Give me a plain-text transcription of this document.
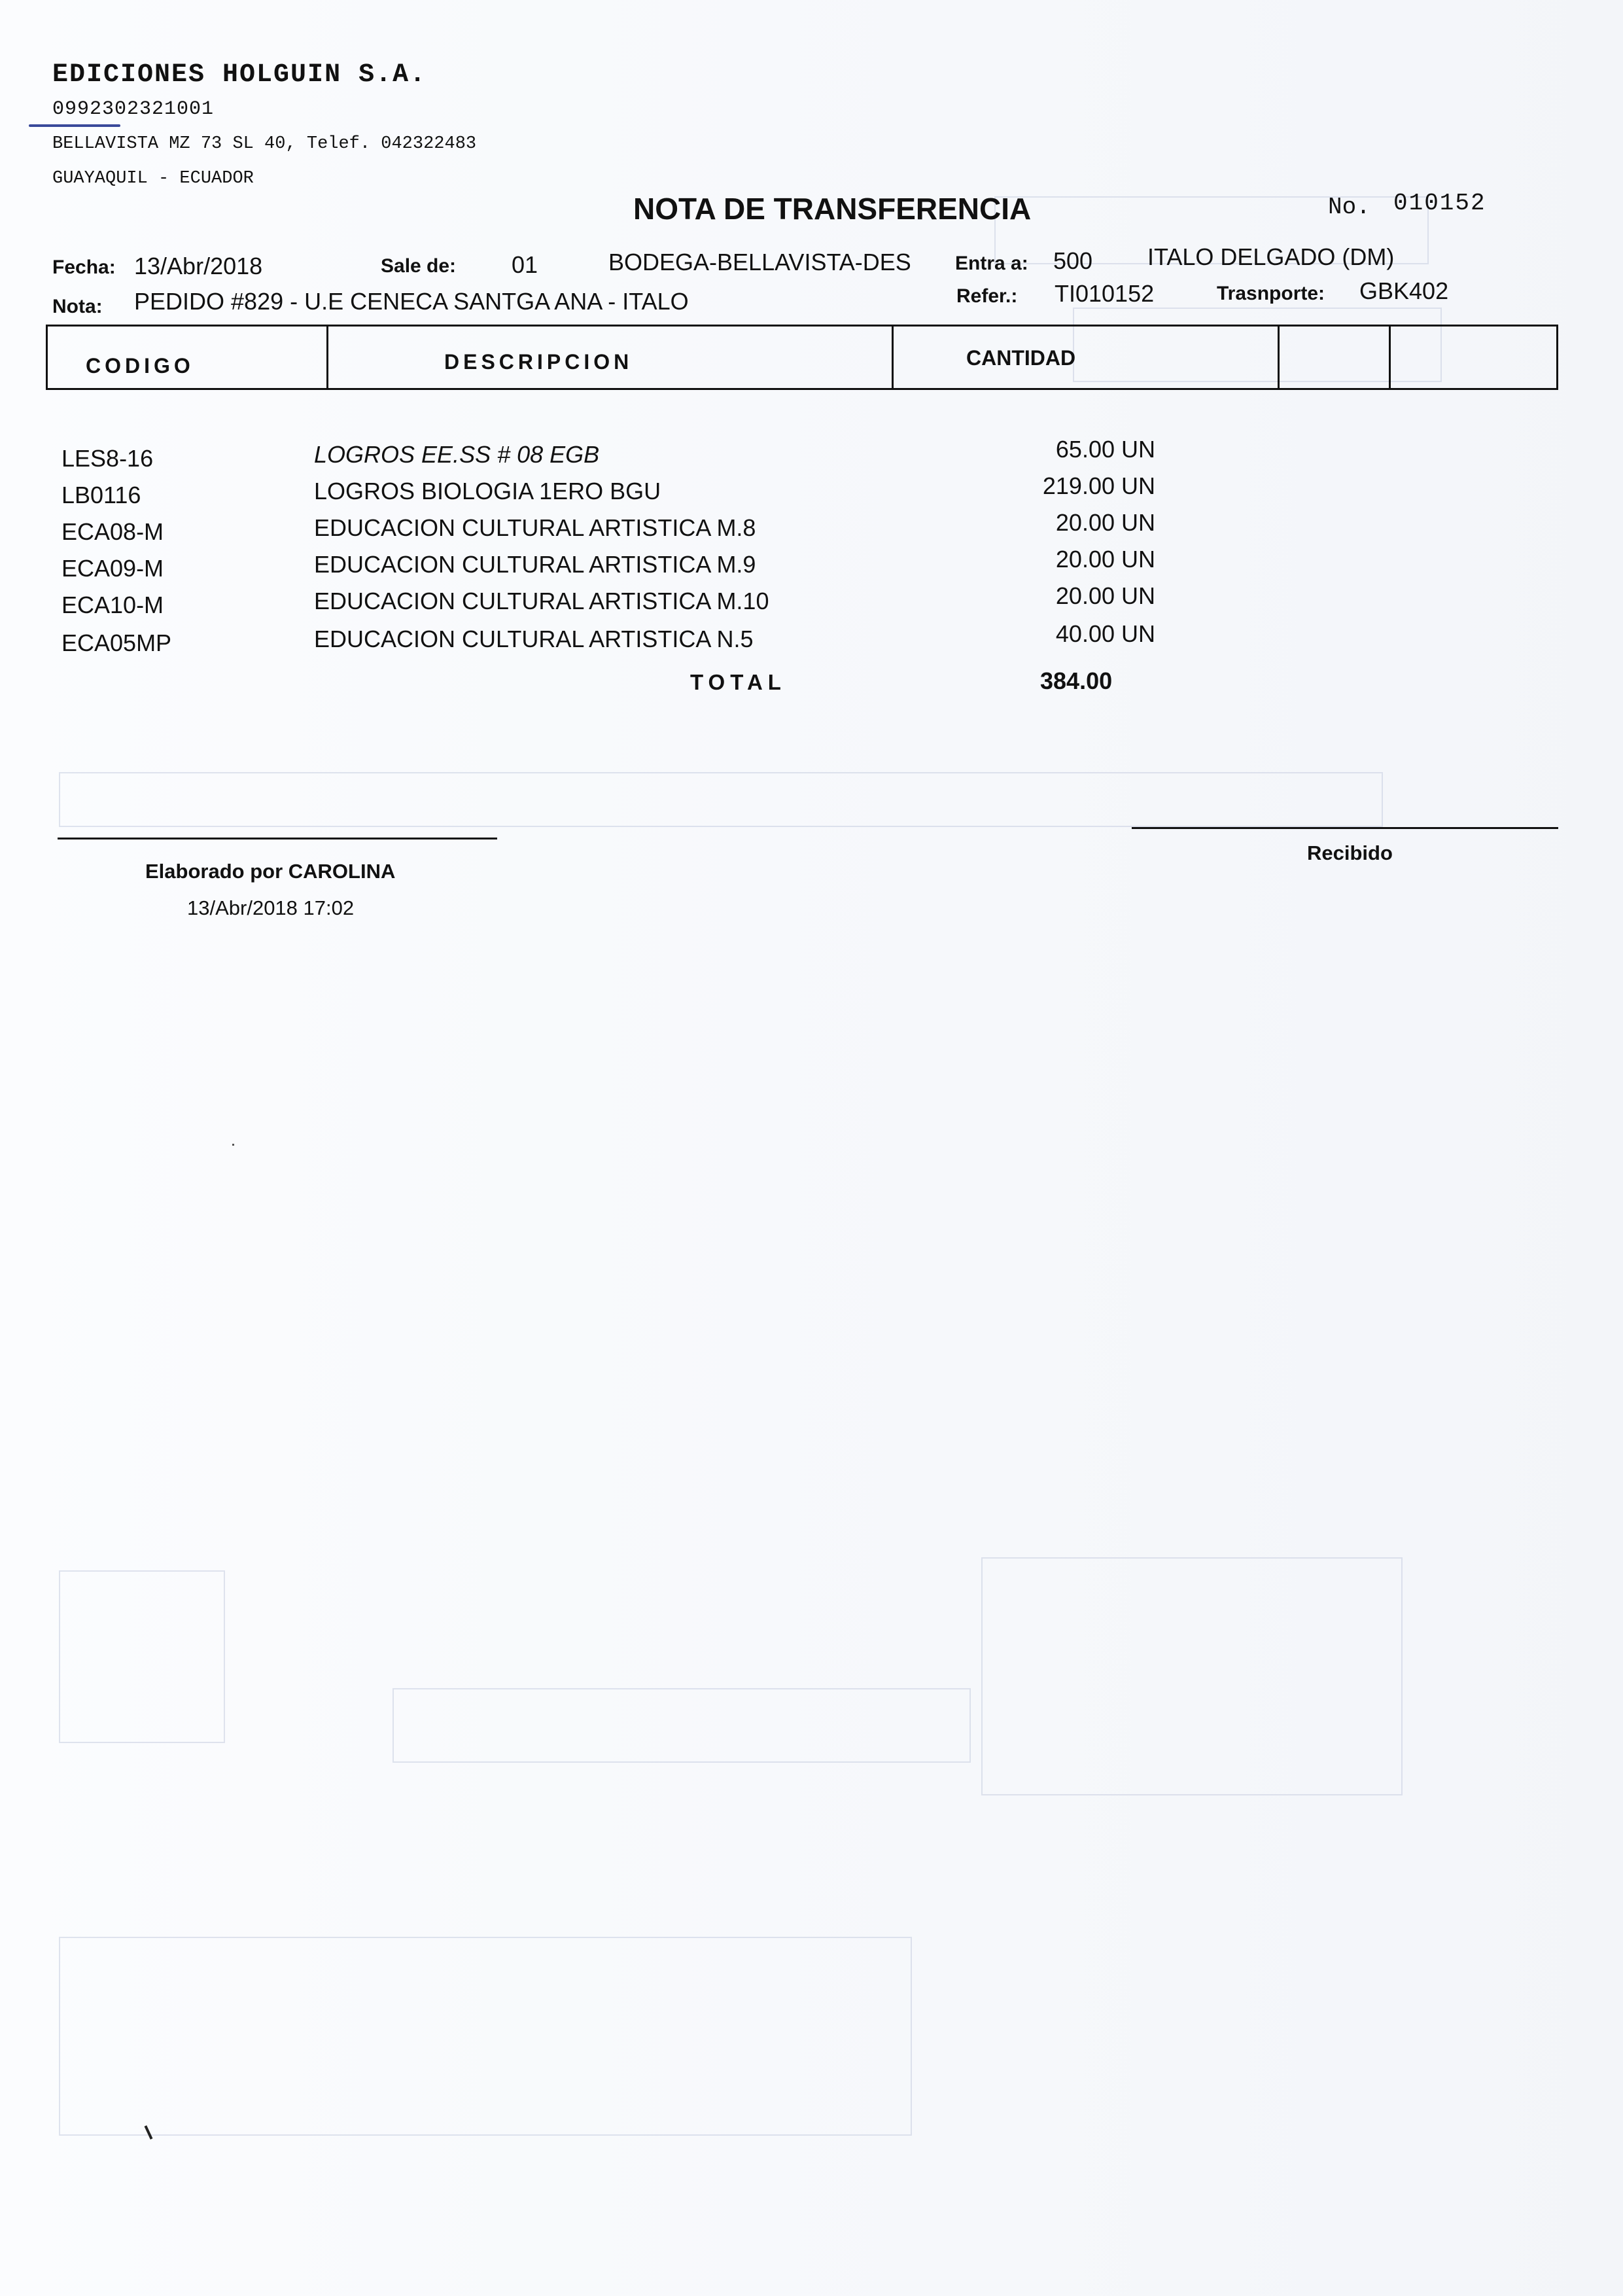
EDICIONES HOLGUIN S.A.
0992302321001
BELLAVISTA MZ 73 SL 40, Telef. 042322483
GUAYAQUIL - ECUADOR
NOTA DE TRANSFERENCIA	No. 010152
Fecha: 13/Abr/2018	Sale de: 01	BODEGA-BELLAVISTA-DES Entra a: 500 ITALO DELGADO (DM)
Nota: PEDIDO #829 - U.E CENECA SANTGA ANA - ITALO	Refer.: TI010152	Trasnporte: GBK402
CODIGO	DESCRIPCION	CANTIDAD
LES8-16	LOGROS EE.SS # 08 EGB	65.00 UN
LB0116	LOGROS BIOLOGIA 1ERO BGU	219.00 UN
ECA08-M	EDUCACION CULTURAL ARTISTICA M.8	20.00 UN
ECA09-M	EDUCACION CULTURAL ARTISTICA M.9	20.00 UN
ECA10-M	EDUCACION CULTURAL ARTISTICA M.10	20.00 UN
ECA05MP	EDUCACION CULTURAL ARTISTICA N.5	40.00 UN
TOTAL	384.00
Elaborado por CAROLINA
13/Abr/2018 17:02
Recibido
